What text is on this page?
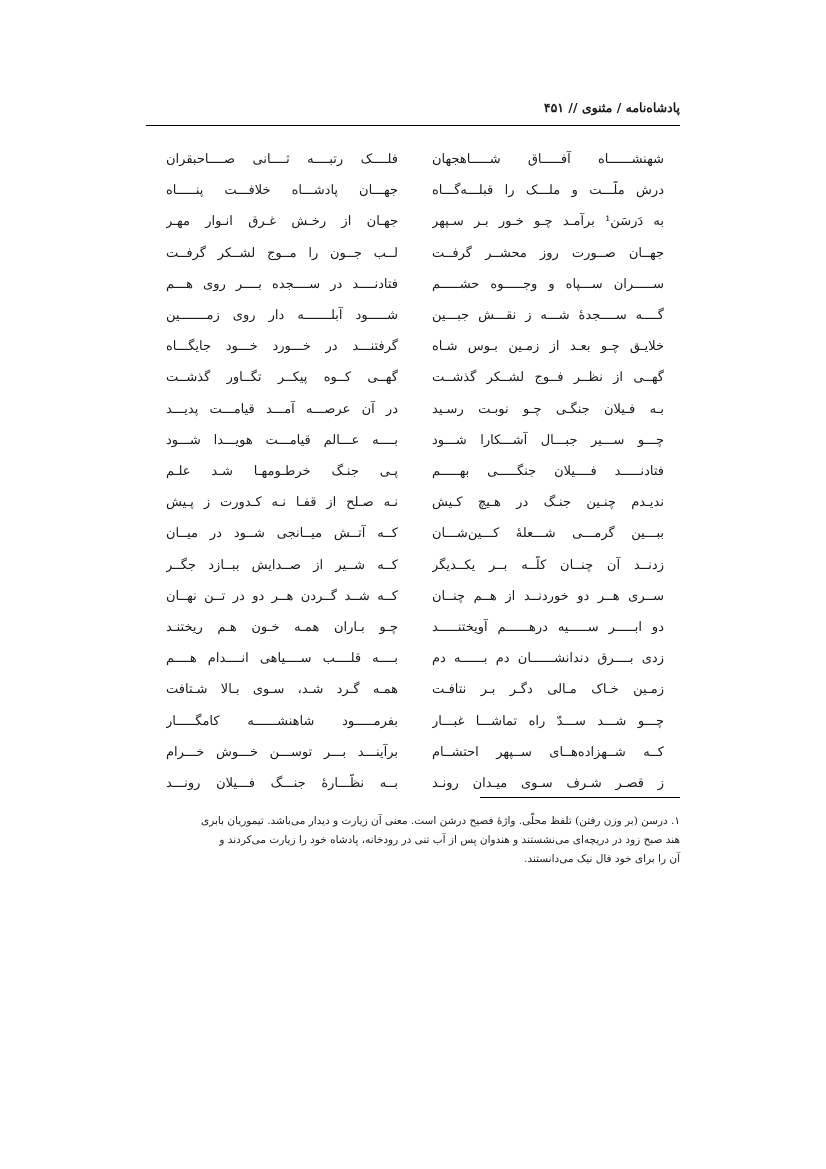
پادشاه‌نامه / مثنوی // ۴۵۱
شهنشــــــاه آفـــــاق شـــــاهجهان
فلــــک رتبــــه ثــــانی صــــاحبقران
درش ملّـــت و ملـــک را قبلـــه‌گـــاه
جهـــان پادشـــاه خلافـــت پنـــــاه
به دَرسَن¹ برآمـد چـو خـور بـر سـپهر
جهـان از رخـش غـرق انـوار مهـر
جهــان صــورت روز محشــر گرفــت
لــب جــون را مــوج لشــکر گرفــت
ســـــران ســـپاه و وجـــــوه حشـــــم
فتادنــــد در ســــجده بــــر روی هـــم
گــــه ســــجدهٔ شـــه ز نقـــش جبـــین
شـــــود آبلـــــــه دار روی زمـــــــین
خلایـق چـو بعـد از زمـین بـوس شـاه
گرفتنـــد در خـــورد خـــود جایگـــاه
گهــی از نظــر فــوج لشــکر گذشــت
گهــی کــوه پیکــر تگــاور گذشــت
بـه فـیلان جنگـی چـو نوبـت رسـید
در آن عرصـــه آمـــد قیامـــت پدیـــد
چـــو ســـیر جبـــال آشـــکارا شـــود
بــــه عـــالم قیامـــت هویـــدا شـــود
فتادنـــــد فــــیلان جنگـــــی بهـــــم
پـی جنـگ خرطـومهـا شـد علـم
ندیـدم چنـین جنـگ در هـیچ کـیش
نـه صـلح از قفـا نـه کـدورت ز پـیش
ببـــین گرمـــی شـــعلهٔ کـــین‌شـــان
کــه آتــش میــانجی شــود در میــان
زدنــد آن چنــان کلّــه بــر یکــدیگر
کــه شــیر از صــدایش ببــازد جگــر
ســری هــر دو خوردنــد از هــم چنــان
کــه شــد گــردن هــر دو در تــن نهــان
دو ابـــــر ســـــیه درهــــــم آویختنـــــد
چـو بـاران همـه خـون هـم ریختنـد
زدی بــــرق دندانشــــــان دم بــــــه دم
بــــه قلــــب ســــیاهی انــــدام هــــم
زمـین خـاک مـالی دگـر بـر نتافـت
همـه گـرد شـد، سـوی بـالا شـتافت
چـــو شـــد ســـدّ راه تماشـــا غبـــار
بفرمـــــود شاهنشــــــه کامگـــــار
کــه شــهزاده‌هــای ســپهر احتشــام
برآینـــد بـــر توســـن خـــوش خـــرام
ز قصـر شـرف سـوی میـدان رونـد
بــه نظّـــارهٔ جنـــگ فـــیلان رونـــد
۱. درسن (بر وزن رفتن) تلفظ محلّی. واژهٔ فصیح درشن است. معنی آن زیارت و دیدار می‌باشد. تیموریان بابری
هند صبح زود در دریچه‌ای می‌نشستند و هندوان پس از آب تنی در رودخانه، پادشاه خود را زیارت می‌کردند و
آن را برای خود فال نیک می‌دانستند.
